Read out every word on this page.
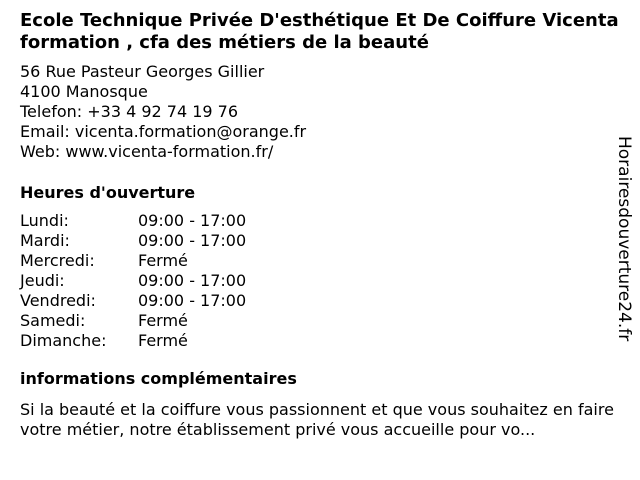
Ecole Technique Privée D'esthétique Et De Coiffure Vicenta formation , cfa des métiers de la beauté
56 Rue Pasteur Georges Gillier
4100 Manosque
Telefon: +33 4 92 74 19 76
Email: vicenta.formation@orange.fr
Web: www.vicenta-formation.fr/
Heures d'ouverture
Lundi:	09:00 - 17:00
Mardi:	09:00 - 17:00
Mercredi:	Fermé
Jeudi:	09:00 - 17:00
Vendredi:	09:00 - 17:00
Samedi:	Fermé
Dimanche:	Fermé
informations complémentaires
Si la beauté et la coiffure vous passionnent et que vous souhaitez en faire votre métier, notre établissement privé vous accueille pour vo...
Horairesdouverture24.fr
